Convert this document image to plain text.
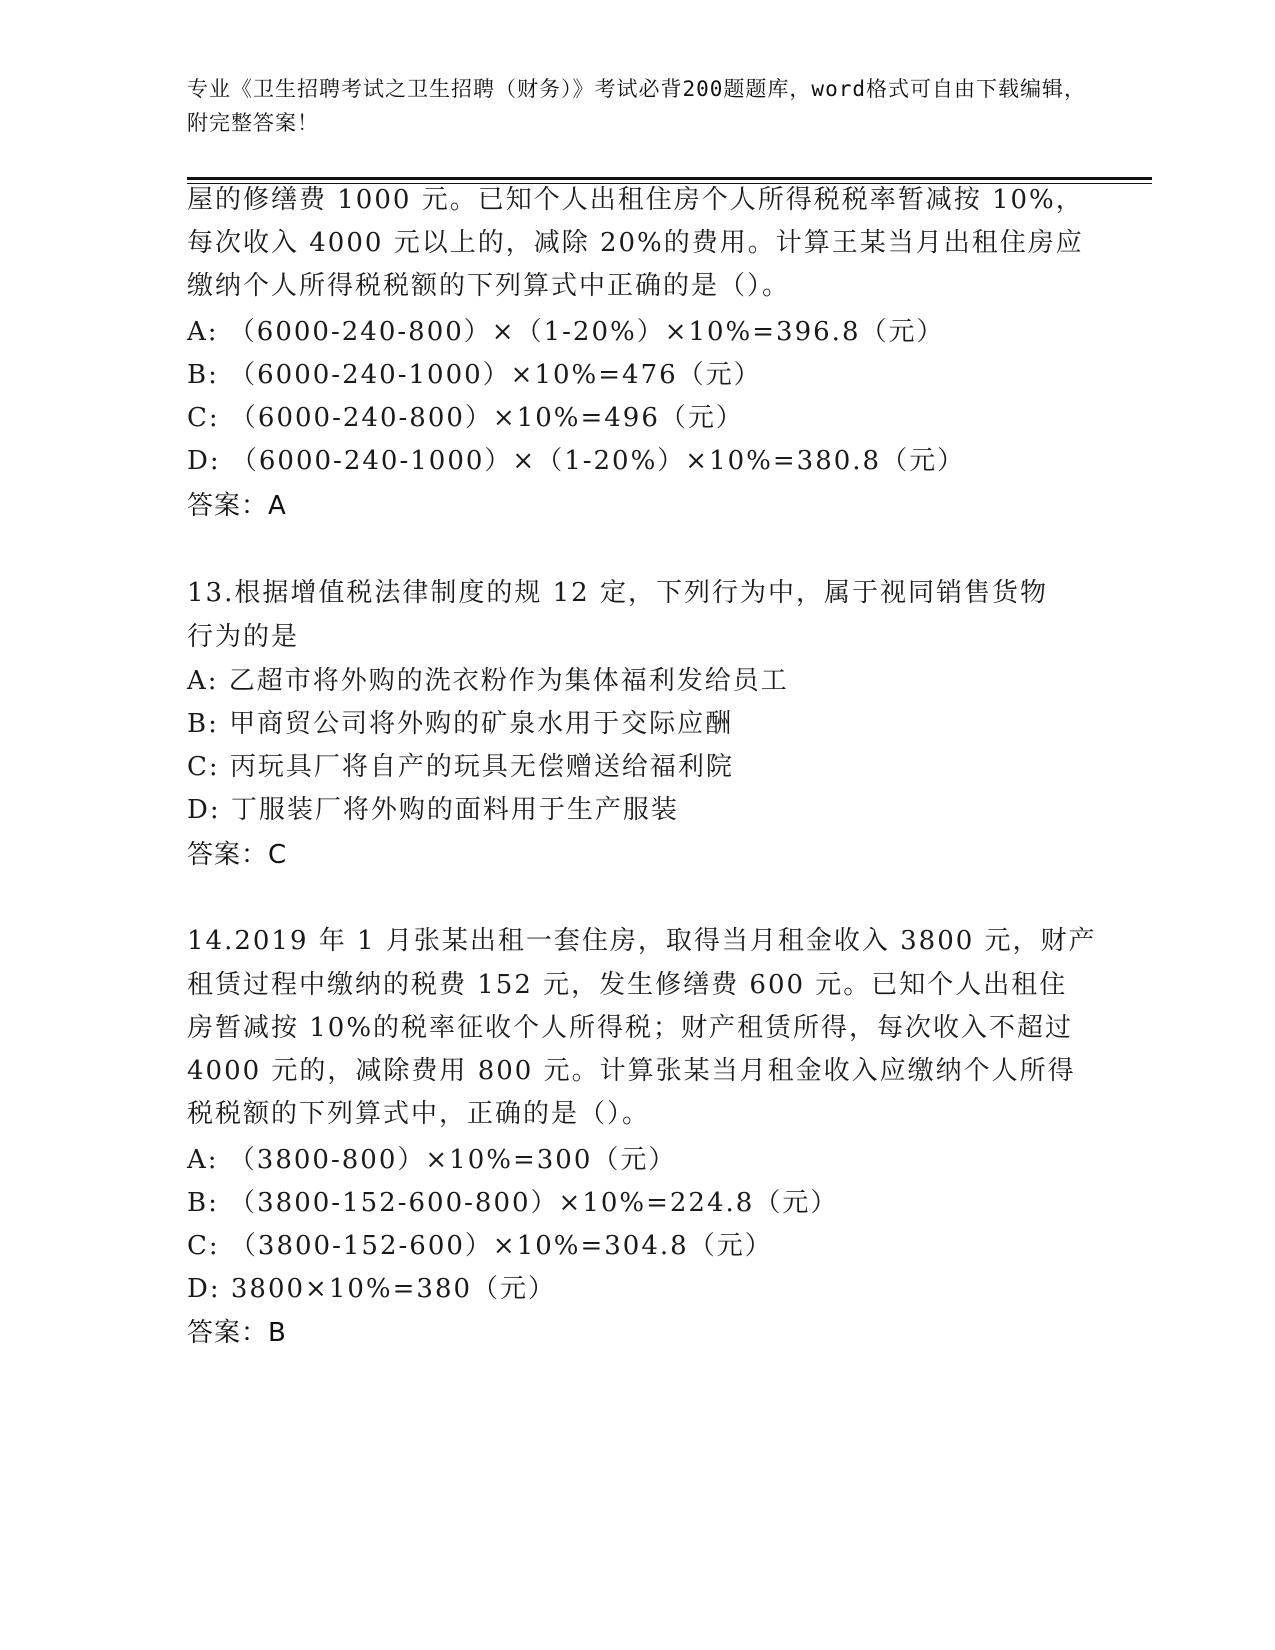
专业《卫生招聘考试之卫生招聘（财务）》考试必背200题题库，word格式可自由下载编辑，附完整答案！
屋的修缮费 1000 元。已知个人出租住房个人所得税税率暂减按 10%，
每次收入 4000 元以上的，减除 20%的费用。计算王某当月出租住房应
缴纳个人所得税税额的下列算式中正确的是（）。
A: （6000-240-800）×（1-20%）×10%=396.8（元）
B: （6000-240-1000）×10%=476（元）
C: （6000-240-800）×10%=496（元）
D: （6000-240-1000）×（1-20%）×10%=380.8（元）
答案：A
13.根据增值税法律制度的规 12 定，下列行为中，属于视同销售货物
行为的是
A: 乙超市将外购的洗衣粉作为集体福利发给员工
B: 甲商贸公司将外购的矿泉水用于交际应酬
C: 丙玩具厂将自产的玩具无偿赠送给福利院
D: 丁服装厂将外购的面料用于生产服装
答案：C
14.2019 年 1 月张某出租一套住房，取得当月租金收入 3800 元，财产
租赁过程中缴纳的税费 152 元，发生修缮费 600 元。已知个人出租住
房暂减按 10%的税率征收个人所得税；财产租赁所得，每次收入不超过
4000 元的，减除费用 800 元。计算张某当月租金收入应缴纳个人所得
税税额的下列算式中，正确的是（）。
A: （3800-800）×10%=300（元）
B: （3800-152-600-800）×10%=224.8（元）
C: （3800-152-600）×10%=304.8（元）
D: 3800×10%=380（元）
答案：B
